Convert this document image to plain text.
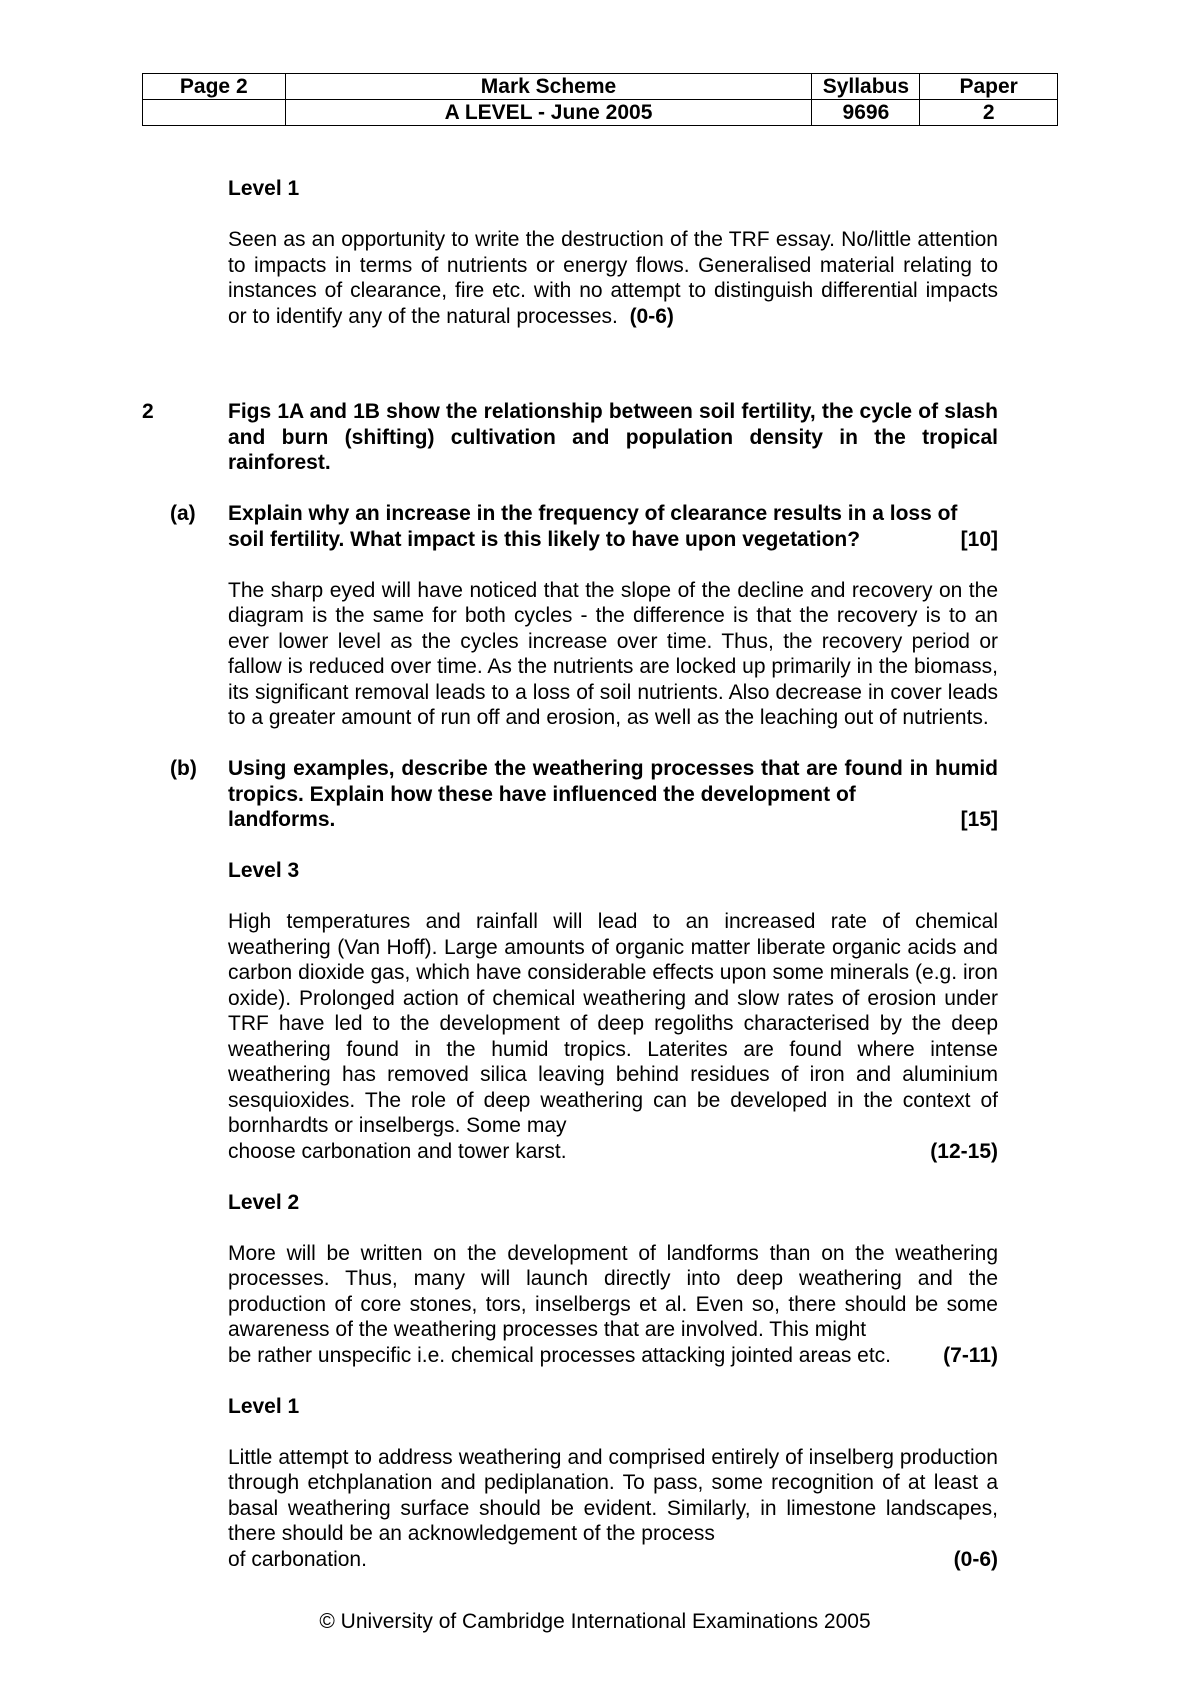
Page 2	Mark Scheme	Syllabus	Paper
	A LEVEL - June 2005	9696	2

Level 1

Seen as an opportunity to write the destruction of the TRF essay. No/little attention to impacts in terms of nutrients or energy flows. Generalised material relating to instances of clearance, fire etc. with no attempt to distinguish differential impacts or to identify any of the natural processes. (0-6)

2	Figs 1A and 1B show the relationship between soil fertility, the cycle of slash and burn (shifting) cultivation and population density in the tropical rainforest.

(a) Explain why an increase in the frequency of clearance results in a loss of

soil fertility. What impact is this likely to have upon vegetation?	[10]

The sharp eyed will have noticed that the slope of the decline and recovery on the diagram is the same for both cycles - the difference is that the recovery is to an ever lower level as the cycles increase over time. Thus, the recovery period or fallow is reduced over time. As the nutrients are locked up primarily in the biomass, its significant removal leads to a loss of soil nutrients. Also decrease in cover leads to a greater amount of run off and erosion, as well as the leaching out of nutrients.

(b) Using examples, describe the weathering processes that are found in humid tropics. Explain how these have influenced the development of

landforms.	[15]

Level 3

High temperatures and rainfall will lead to an increased rate of chemical weathering (Van Hoff). Large amounts of organic matter liberate organic acids and carbon dioxide gas, which have considerable effects upon some minerals (e.g. iron oxide). Prolonged action of chemical weathering and slow rates of erosion under TRF have led to the development of deep regoliths characterised by the deep weathering found in the humid tropics. Laterites are found where intense weathering has removed silica leaving behind residues of iron and aluminium sesquioxides. The role of deep weathering can be developed in the context of bornhardts or inselbergs. Some may

choose carbonation and tower karst.	(12-15)

Level 2

More will be written on the development of landforms than on the weathering processes. Thus, many will launch directly into deep weathering and the production of core stones, tors, inselbergs et al. Even so, there should be some awareness of the weathering processes that are involved. This might

be rather unspecific i.e. chemical processes attacking jointed areas etc. (7-11)

Level 1

Little attempt to address weathering and comprised entirely of inselberg production through etchplanation and pediplanation. To pass, some recognition of at least a basal weathering surface should be evident. Similarly, in limestone landscapes, there should be an acknowledgement of the process

of carbonation.	(0-6)
© University of Cambridge International Examinations 2005
